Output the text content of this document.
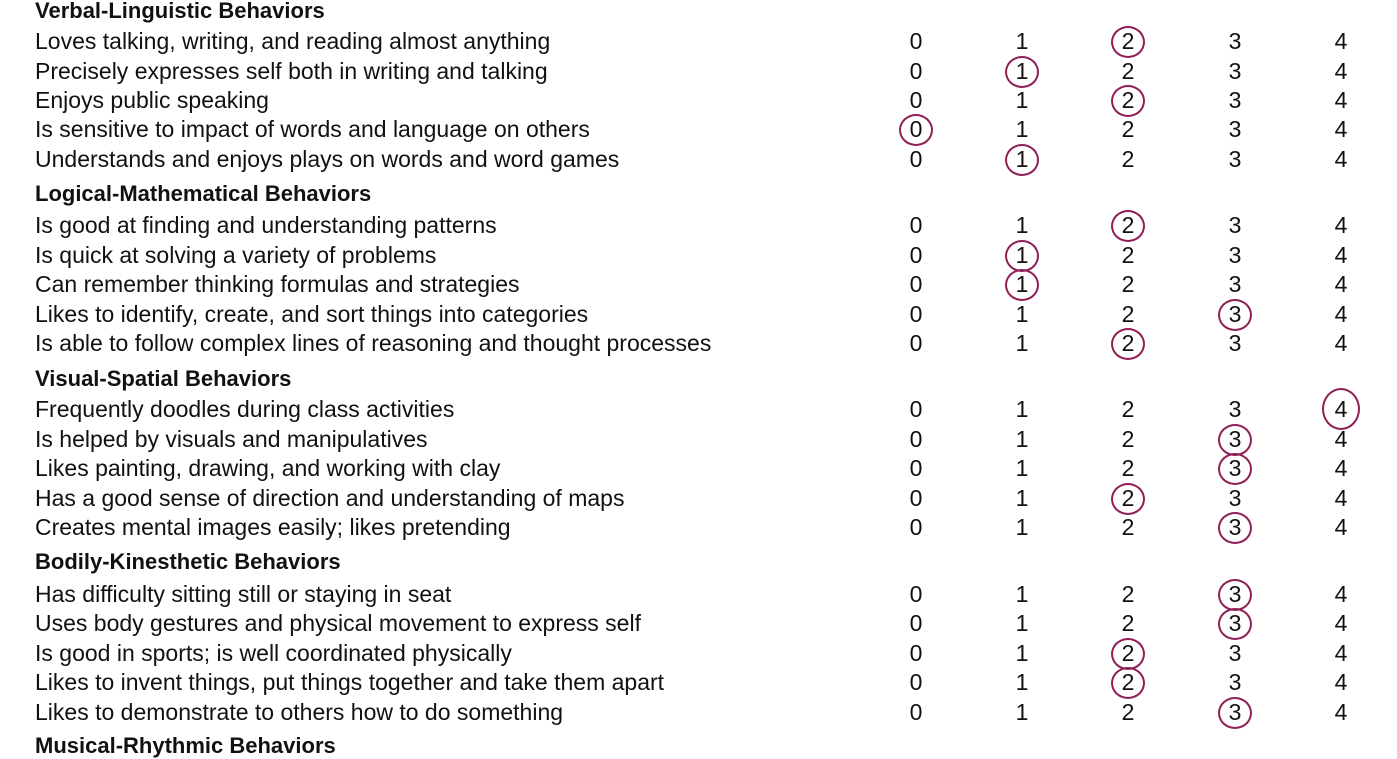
Verbal-Linguistic Behaviors
Loves talking, writing, and reading almost anything	0	1	2	3	4
Precisely expresses self both in writing and talking	0	1	2	3	4
Enjoys public speaking	0	1	2	3	4
Is sensitive to impact of words and language on others	0	1	2	3	4
Understands and enjoys plays on words and word games	0	1	2	3	4
Logical-Mathematical Behaviors
Is good at finding and understanding patterns	0	1	2	3	4
Is quick at solving a variety of problems	0	1	2	3	4
Can remember thinking formulas and strategies	0	1	2	3	4
Likes to identify, create, and sort things into categories	0	1	2	3	4
Is able to follow complex lines of reasoning and thought processes	0	1	2	3	4
Visual-Spatial Behaviors
Frequently doodles during class activities	0	1	2	3	4
Is helped by visuals and manipulatives	0	1	2	3	4
Likes painting, drawing, and working with clay	0	1	2	3	4
Has a good sense of direction and understanding of maps	0	1	2	3	4
Creates mental images easily; likes pretending	0	1	2	3	4
Bodily-Kinesthetic Behaviors
Has difficulty sitting still or staying in seat	0	1	2	3	4
Uses body gestures and physical movement to express self	0	1	2	3	4
Is good in sports; is well coordinated physically	0	1	2	3	4
Likes to invent things, put things together and take them apart	0	1	2	3	4
Likes to demonstrate to others how to do something	0	1	2	3	4
Musical-Rhythmic Behaviors
